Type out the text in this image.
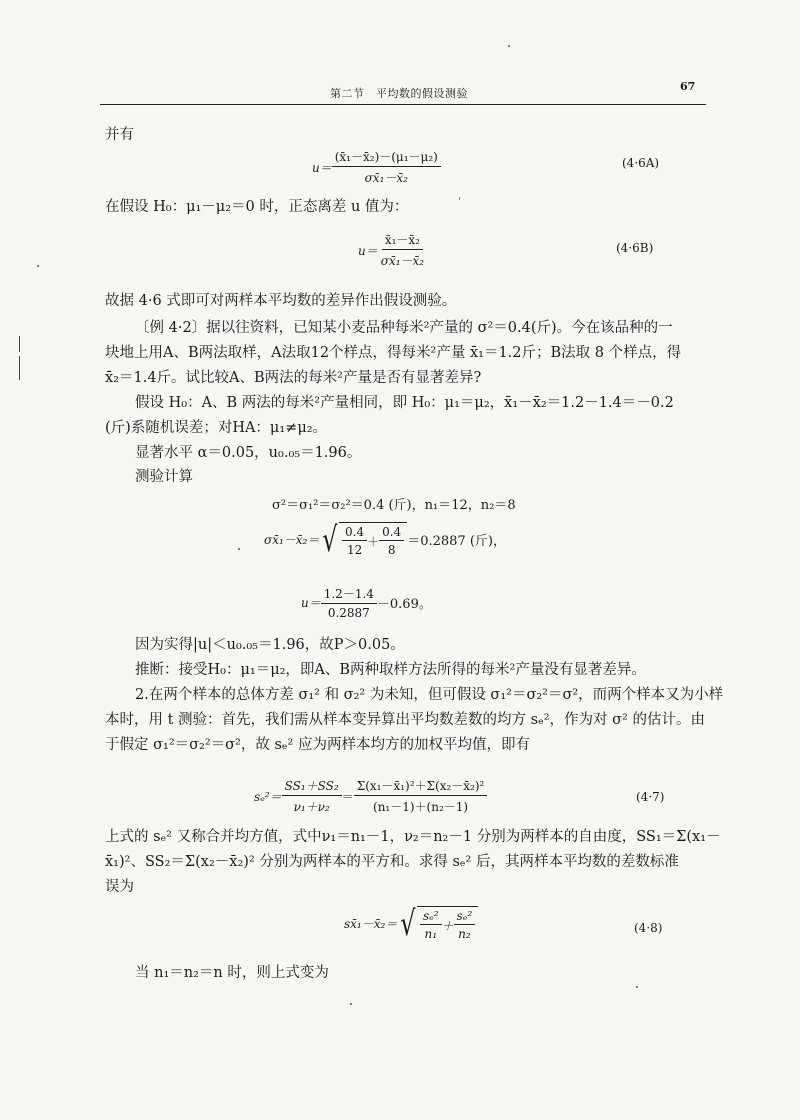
第二节　平均数的假设测验
67
并有
$u= \frac{\text{(x̄₁－x̄₂)－(μ₁－μ₂)}}{\text{σx̄₁－x̄₂}}$	(4·6A)
在假设 H₀：μ₁－μ₂＝0 时，正态离差 u 值为：
$u= \frac{\text{x̄₁－x̄₂}}{\text{σx̄₁－x̄₂}}$	(4·6B)
故据 4·6 式即可对两样本平均数的差异作出假设测验。
〔例 4·2〕据以往资料，已知某小麦品种每米²产量的 σ²＝0.4(斤)。今在该品种的一
块地上用A、B两法取样，A法取12个样点，得每米²产量 x̄₁＝1.2斤；B法取 8 个样点，得
x̄₂＝1.4斤。试比较A、B两法的每米²产量是否有显著差异?
假设 H₀：A、B 两法的每米²产量相同，即 H₀：μ₁＝μ₂，x̄₁－x̄₂＝1.2－1.4＝－0.2
(斤)系随机误差；对HA：μ₁≠μ₂。
显著水平 α＝0.05，u₀.₀₅＝1.96。
测验计算
σ²＝σ₁²＝σ₂²＝0.4 (斤)，n₁＝12，n₂＝8
σx̄₁－x̄₂＝ √ $\frac{0.4}{12} + \frac{0.4}{8} =0.2887$ (斤)，
$u= \frac{1.2-1.4}{0.2887} -0.69$。
因为实得|u|＜u₀.₀₅＝1.96，故P＞0.05。
推断：接受H₀：μ₁＝μ₂，即A、B两种取样方法所得的每米²产量没有显著差异。
2.在两个样本的总体方差 σ₁² 和 σ₂² 为未知，但可假设 σ₁²＝σ₂²＝σ²，而两个样本又为小样
本时，用 t 测验：首先，我们需从样本变异算出平均数差数的均方 sₑ²，作为对 σ² 的估计。由
于假定 σ₁²＝σ₂²＝σ²，故 sₑ² 应为两样本均方的加权平均值，即有
$s_e^2= \frac{\text{SS₁＋SS₂}}{\text{ν₁＋ν₂}} = \frac{\text{Σ(x₁－x̄₁)²＋Σ(x₂－x̄₂)²}}{\text{(n₁－1)＋(n₂－1)}}$	(4·7)
上式的 sₑ² 又称合并均方值，式中ν₁＝n₁－1，ν₂＝n₂－1 分别为两样本的自由度，SS₁＝Σ(x₁－
x̄₁)²、SS₂＝Σ(x₂－x̄₂)² 分别为两样本的平方和。求得 sₑ² 后，其两样本平均数的差数标准
误为
sx̄₁－x̄₂＝ √ $\frac{\text{sₑ²}}{\text{n₁}} + \frac{\text{sₑ²}}{\text{n₂}}$	(4·8)
当 n₁＝n₂＝n 时，则上式变为
